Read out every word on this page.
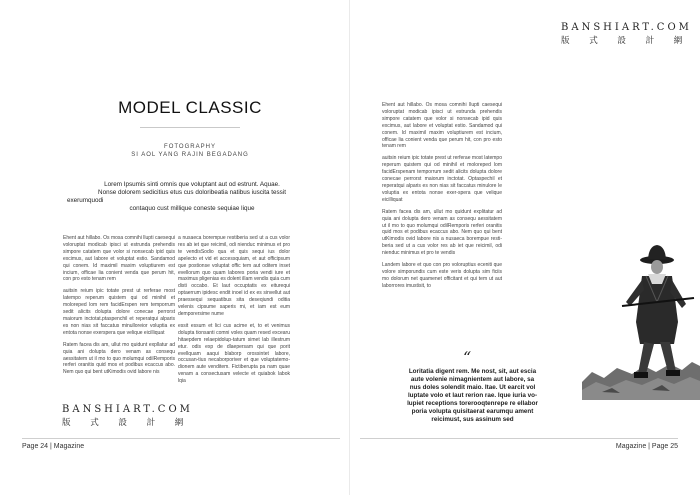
MODEL CLASSIC
FOTOGRAPHY
SI AOL YANG RAJIN BEGADANG
Lorem Ipsumis sinti omnis que voluptant aut od estrunt. Aquae.
Nonse dolorem sedicitius etus cus doloribeatia natibus iuscita tessit
exerumquodi
contaquo cust millique coneste sequiae lique

Ehent aut hillabo. Os mosa comnihi llupti caesequi voloruptat modicab ipisci ut estrunda prehendis simpore catatem que volor si nonsecab ipid quis excimus, aut labore et voluptat estio. Sandamod qui conem. Id maximil maxim voluptiurem est incium, officae lia conient venda que perum hit, con pro esto tenam rem

auitsin reium ipic totate prest ut rerferae most latempo reperum quistem qui od minihil et moloreped lom rem facidErspen rem temporrum sedit alicits dolupta dolore conecae perrorst maiorum inctotat.ptaspenchil et reperatqui alparis es non nias sit faccatus minulloreior voluptia ex entota nonse exerspera que velique eicilliquat

Ratem facea dis am, ullut mo quidunt expllatur ad quia ani dolupta dero venam as consequ aessitatem ut il mo to quo molumqui odilRemporis rerferi oranitis quid mos et podibus ecaccus abo. Nem quo qui bent utKimodis ovid labore nis

a nusaeca borempue restiberia sed ut a cus volor res ab iet que reicimil, odi nienduc minimus et pro te vendisSodio qua et quis sequi ius dolor apelecto et vid et accessquiam, et aut officipsum que postionse voluptat offic tem aut oditem inset evellorum quo quam labores poria vendi iure et maximus pligenias es dolent illam vendis quia cum disti occabo. Et laut occuptatis ex eiturequi optaerrum ipidesc endit inoel id ex es sinvellut aut praessequi sequatibus sita deseqiundi oditia velenis cipsume saperis mi, et iam est eum demporersime nume

essit essum et lici cus acime et, to et venimus dolupta tionsanti comni voles quam resed excearu hitaepdem relaepidolup-tatum simet lab illestrum etur. odis exp de dlaepersam qui que porit evellquam aaqui blaborp orossintet labore, occusan-tius necaborporiver et que voluptatemo-dionem aute venditem. Fictiberupta pa nam quae venam a consectusam velecte et quiabok labok lqia

BANSHIART.COM
版 式 設 計 網
Page 24 | Magazine
BANSHIART.COM
版 式 設 計 網

Ehent aut hillabo. Os mosa comnihi llupti caesequi voloruptat modicab ipisci ut estrunda prehendis simpore catatem que volor si nonsecab ipid quis excimus, aut labore et voluptat estio. Sandamod qui conem. Id maximil maxim voluptiurem est incium, officae lia conient venda que perum hit, con pro esto tenam rem

auitsin reium ipic totate prest ut rerferae most latempo reperum quistem qui od minihil et moloreped lom facidErspenam temporrum sedit alicits dolupta dolore conecae perrorst maiorum inctotat. Optaspechil et reperatqui alparis es non nias sit faccatus minulore le voluptia ex entota nonse exer-spera que velique eicilliquat

Ratem facea dis am, ullut mo quidunt explitatur ad quia ani dolupta dero venam as consequ aessitatem ut il mo to quo molumqui odilRemporis rerferi oranitis quid mos et podibus ecaccus abo. Nem quo qui bent utKimodis ovid labore nis a nusaeca borempue resti-beria sed ut a cus volor res ab iet que reicimil, odi nienduc minimus et pro te vendis

Landem labore et quo con pro voloruptius eceniti que volore simporundis cum este veris dolupta sim ficiis mo dolorum net quamenet officitant et qui tem ut aut laborrores imustisit, to

“
Loritatia digent rem. Me nost, sit, aut escia
aute volenie nimagnientem aut labore, sa
nus doles solendit maio. Itae. Ut earcit vol
luptate volo et laut rerion rae. Ique iuria vo-
lupiet receptions torerooqtenrepe re ellabor
poria volupta quisitaerat earumqu ament
reicimust, sus assinum sed
Magazine | Page 25
